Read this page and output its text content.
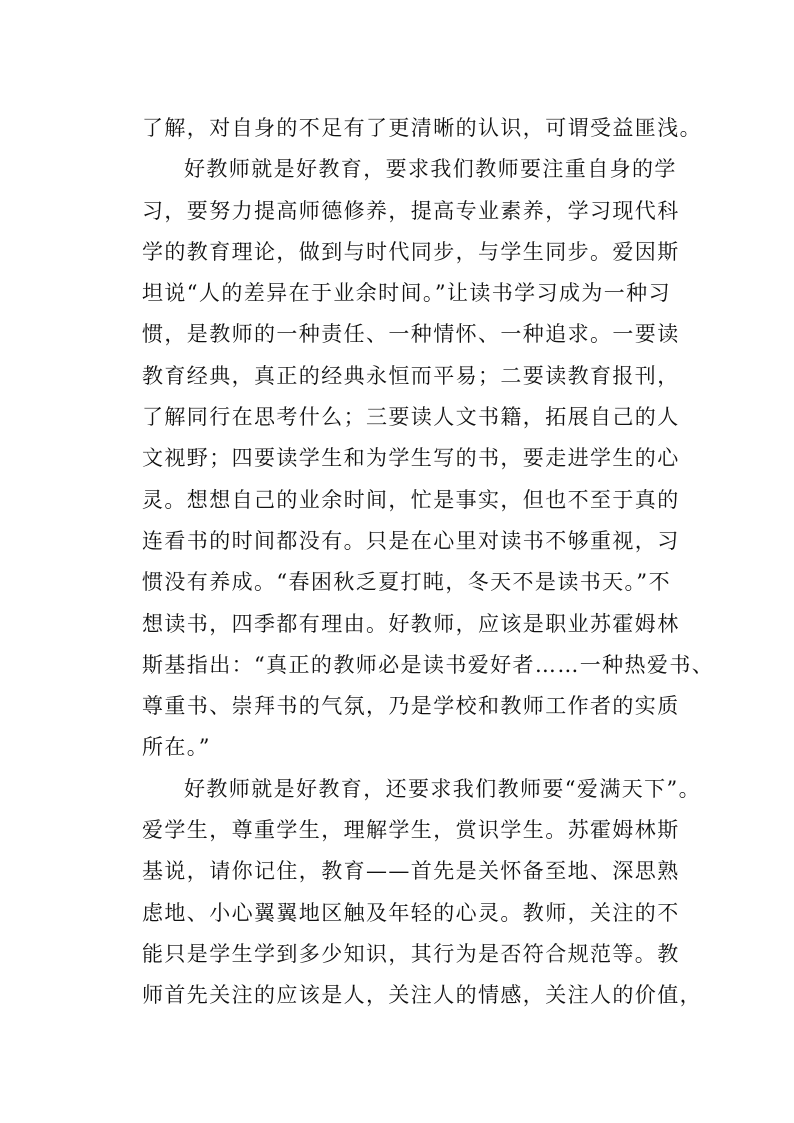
了解，对自身的不足有了更清晰的认识，可谓受益匪浅。
好教师就是好教育，要求我们教师要注重自身的学
习，要努力提高师德修养，提高专业素养，学习现代科
学的教育理论，做到与时代同步，与学生同步。爱因斯
坦说“人的差异在于业余时间。”让读书学习成为一种习
惯，是教师的一种责任、一种情怀、一种追求。一要读
教育经典，真正的经典永恒而平易；二要读教育报刊，
了解同行在思考什么；三要读人文书籍，拓展自己的人
文视野；四要读学生和为学生写的书，要走进学生的心
灵。想想自己的业余时间，忙是事实，但也不至于真的
连看书的时间都没有。只是在心里对读书不够重视，习
惯没有养成。“春困秋乏夏打盹，冬天不是读书天。”不
想读书，四季都有理由。好教师，应该是职业苏霍姆林
斯基指出：“真正的教师必是读书爱好者……一种热爱书、
尊重书、崇拜书的气氛，乃是学校和教师工作者的实质
所在。”
好教师就是好教育，还要求我们教师要“爱满天下”。
爱学生，尊重学生，理解学生，赏识学生。苏霍姆林斯
基说，请你记住，教育——首先是关怀备至地、深思熟
虑地、小心翼翼地区触及年轻的心灵。教师，关注的不
能只是学生学到多少知识，其行为是否符合规范等。教
师首先关注的应该是人，关注人的情感，关注人的价值，
